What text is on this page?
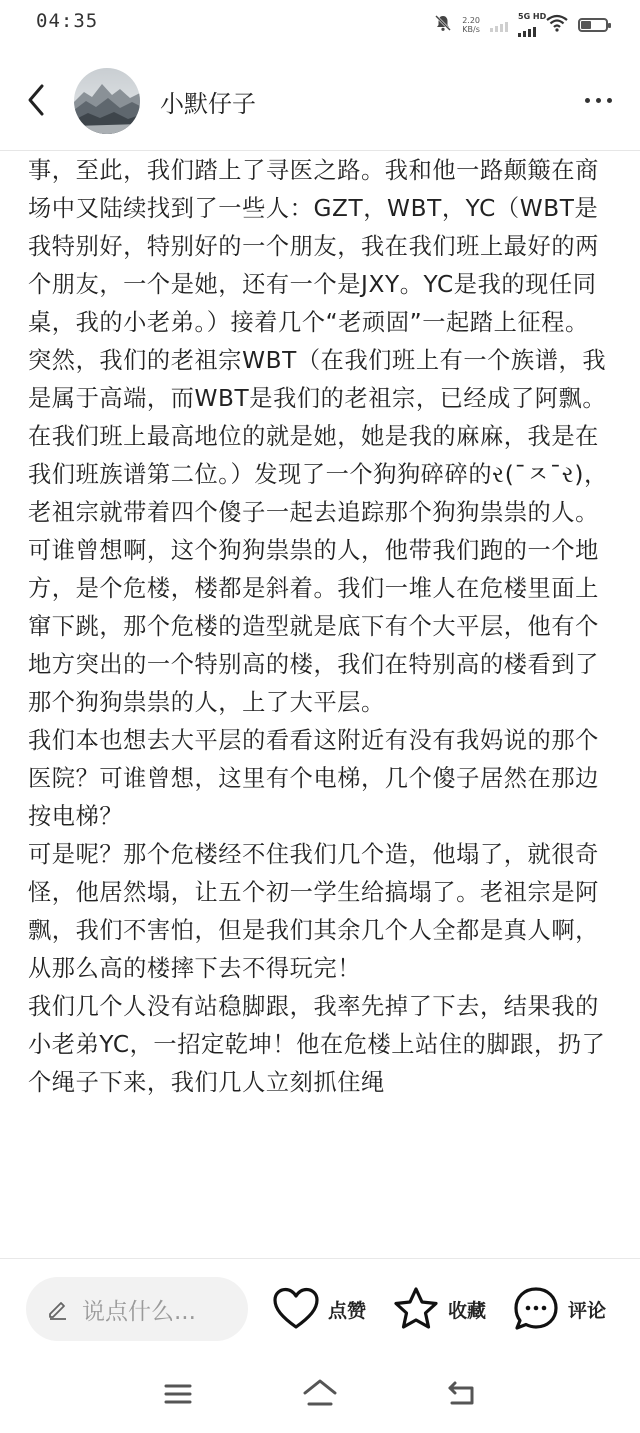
04:35	2.20
KB/s
5G HD
小默仔子

事，至此，我们踏上了寻医之路。我和他一路颠簸在商场中又陆续找到了一些人：GZT，WBT，YC（WBT是我特别好，特别好的一个朋友，我在我们班上最好的两个朋友，一个是她，还有一个是JXY。YC是我的现任同桌，我的小老弟。）接着几个“老顽固”一起踏上征程。

突然，我们的老祖宗WBT（在我们班上有一个族谱，我是属于高端，而WBT是我们的老祖宗，已经成了阿飘。在我们班上最高地位的就是她，她是我的麻麻，我是在我们班族谱第二位。）发现了一个狗狗碎碎的ર(¯ㅈ¯ર)，老祖宗就带着四个傻子一起去追踪那个狗狗祟祟的人。可谁曾想啊，这个狗狗祟祟的人，他带我们跑的一个地方，是个危楼，楼都是斜着。我们一堆人在危楼里面上窜下跳，那个危楼的造型就是底下有个大平层，他有个地方突出的一个特别高的楼，我们在特别高的楼看到了那个狗狗祟祟的人，上了大平层。

我们本也想去大平层的看看这附近有没有我妈说的那个医院？可谁曾想，这里有个电梯，几个傻子居然在那边按电梯？

可是呢？那个危楼经不住我们几个造，他塌了，就很奇怪，他居然塌，让五个初一学生给搞塌了。老祖宗是阿飘，我们不害怕，但是我们其余几个人全都是真人啊，从那么高的楼摔下去不得玩完！

我们几个人没有站稳脚跟，我率先掉了下去，结果我的小老弟YC，一招定乾坤！他在危楼上站住的脚跟，扔了个绳子下来，我们几人立刻抓住绳

说点什么...	点赞	收藏	评论
